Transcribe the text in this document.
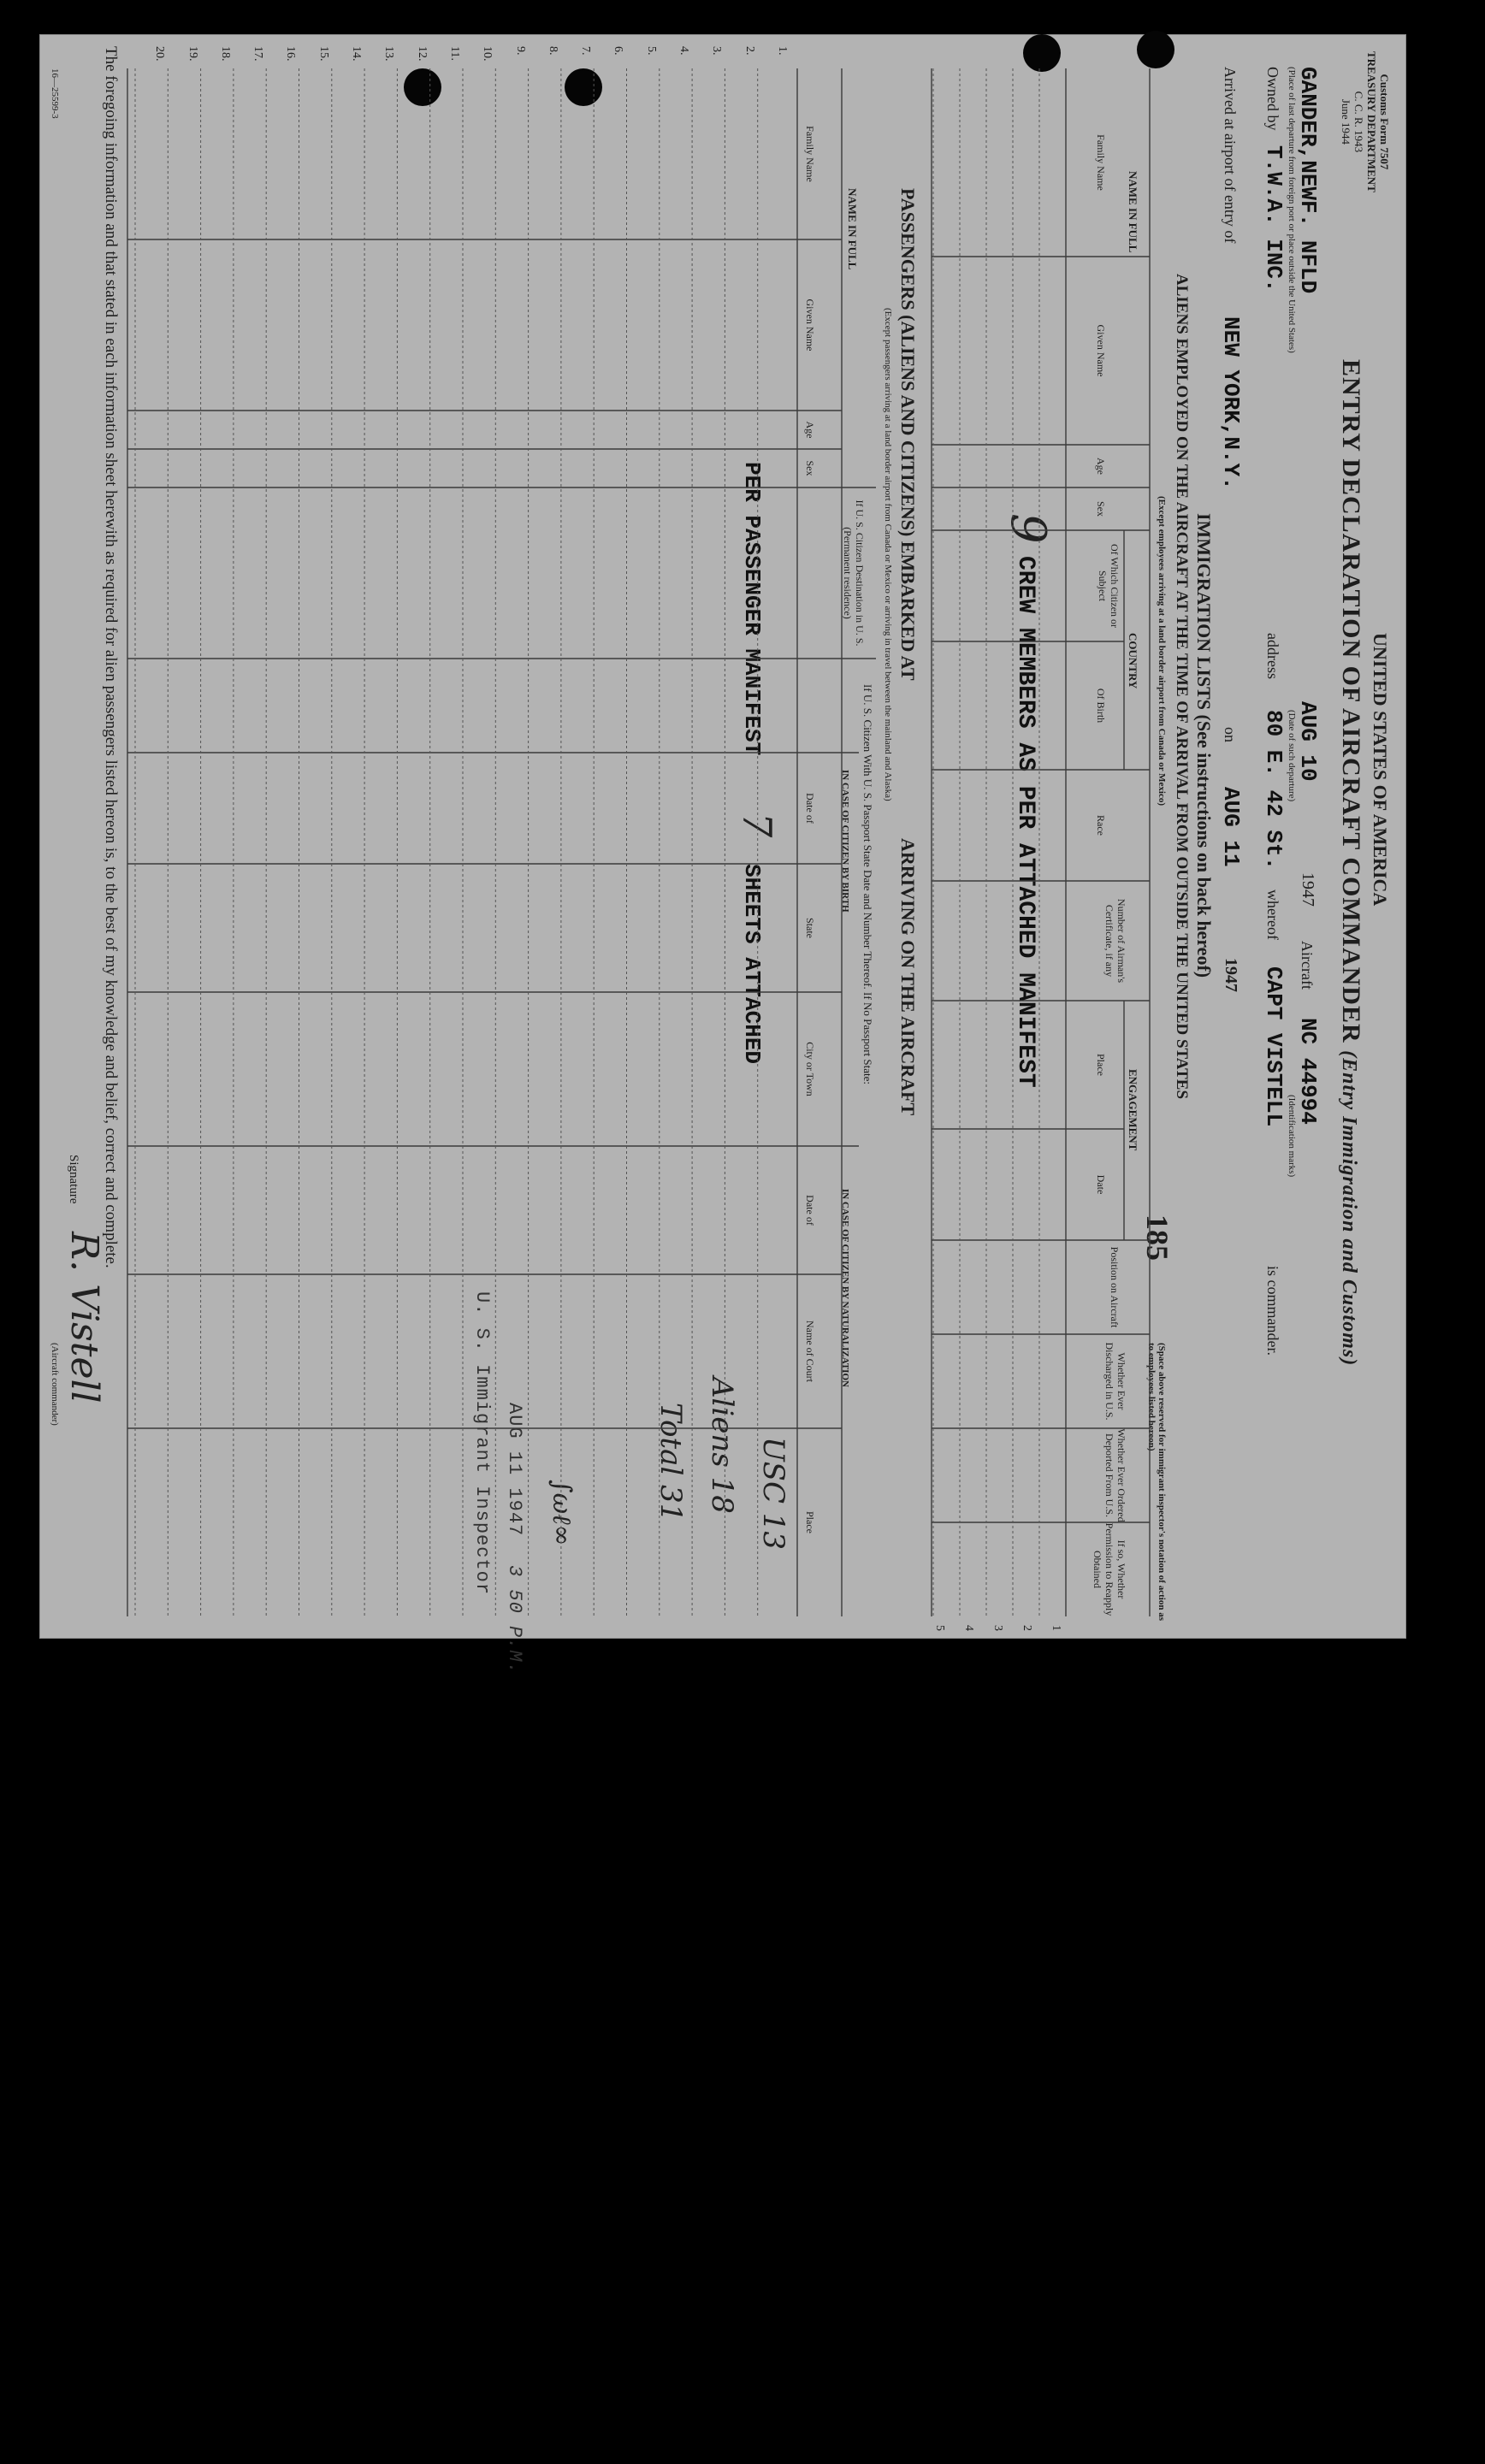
Customs Form 7507
TREASURY DEPARTMENT
C. C. R. 1943
June 1944
UNITED STATES OF AMERICA
ENTRY DECLARATION OF AIRCRAFT COMMANDER (Entry Immigration and Customs)
GANDER,NEWF. NFLD
AUG 10
1947
Aircraft
NC 44994
(Place of last departure from foreign port or place outside the United States)
(Date of such departure)
(Identification marks)
Owned by
T.W.A. INC.
address
80 E. 42 St.
whereof
CAPT VISTELL
is commander.
Arrived at airport of entry of
NEW YORK,N.Y.
on
AUG 11
1947
IMMIGRATION LISTS (See instructions on back hereof)
ALIENS EMPLOYED ON THE AIRCRAFT AT THE TIME OF ARRIVAL FROM OUTSIDE THE UNITED STATES
(Except employees arriving at a land border airport from Canada or Mexico)
185
(Space above reserved for immigrant inspector's notation of action as to employees listed hereon)
NAME IN FULL
COUNTRY
ENGAGEMENT
Family Name
Given Name
Age
Sex
Of Which Citizen or Subject
Of Birth
Race
Number of Airman's Certificate, if any
Place
Date
Position on Aircraft
Whether Ever Discharged in U.S.
Whether Ever Ordered Deported From U.S.
If so, Whether Permission to Reapply Obtained
9
CREW MEMBERS AS PER ATTACHED MANIFEST
1
2
3
4
5
PASSENGERS (ALIENS AND CITIZENS) EMBARKED AT
ARRIVING ON THE AIRCRAFT
(Except passengers arriving at a land border airport from Canada or Mexico or arriving in travel between the mainland and Alaska)
NAME IN FULL
If U. S. Citizen Destination in U. S. (Permanent residence)
If U. S. Citizen With U. S. Passport State Date and Number Thereof. If No Passport State:
IN CASE OF CITIZEN BY BIRTH
IN CASE OF CITIZEN BY NATURALIZATION
Family Name
Given Name
Age
Sex
Date of
State
City or Town
Date of
Name of Court
Place
PER PASSENGER MANIFEST
7
SHEETS ATTACHED
USC 13
Aliens 18
Total 31
∫ωℓ∞
AUG 11 1947
3 50 P.M.
U. S. Immigrant Inspector
1.
2.
3.
4.
5.
6.
7.
8.
9.
10.
11.
12.
13.
14.
15.
16.
17.
18.
19.
20.
The foregoing information and that stated in each information sheet herewith as required for alien passengers listed hereon is, to the best of my knowledge and belief, correct and complete.
Signature
R. Vistell
(Aircraft commander)
16—25599-3
